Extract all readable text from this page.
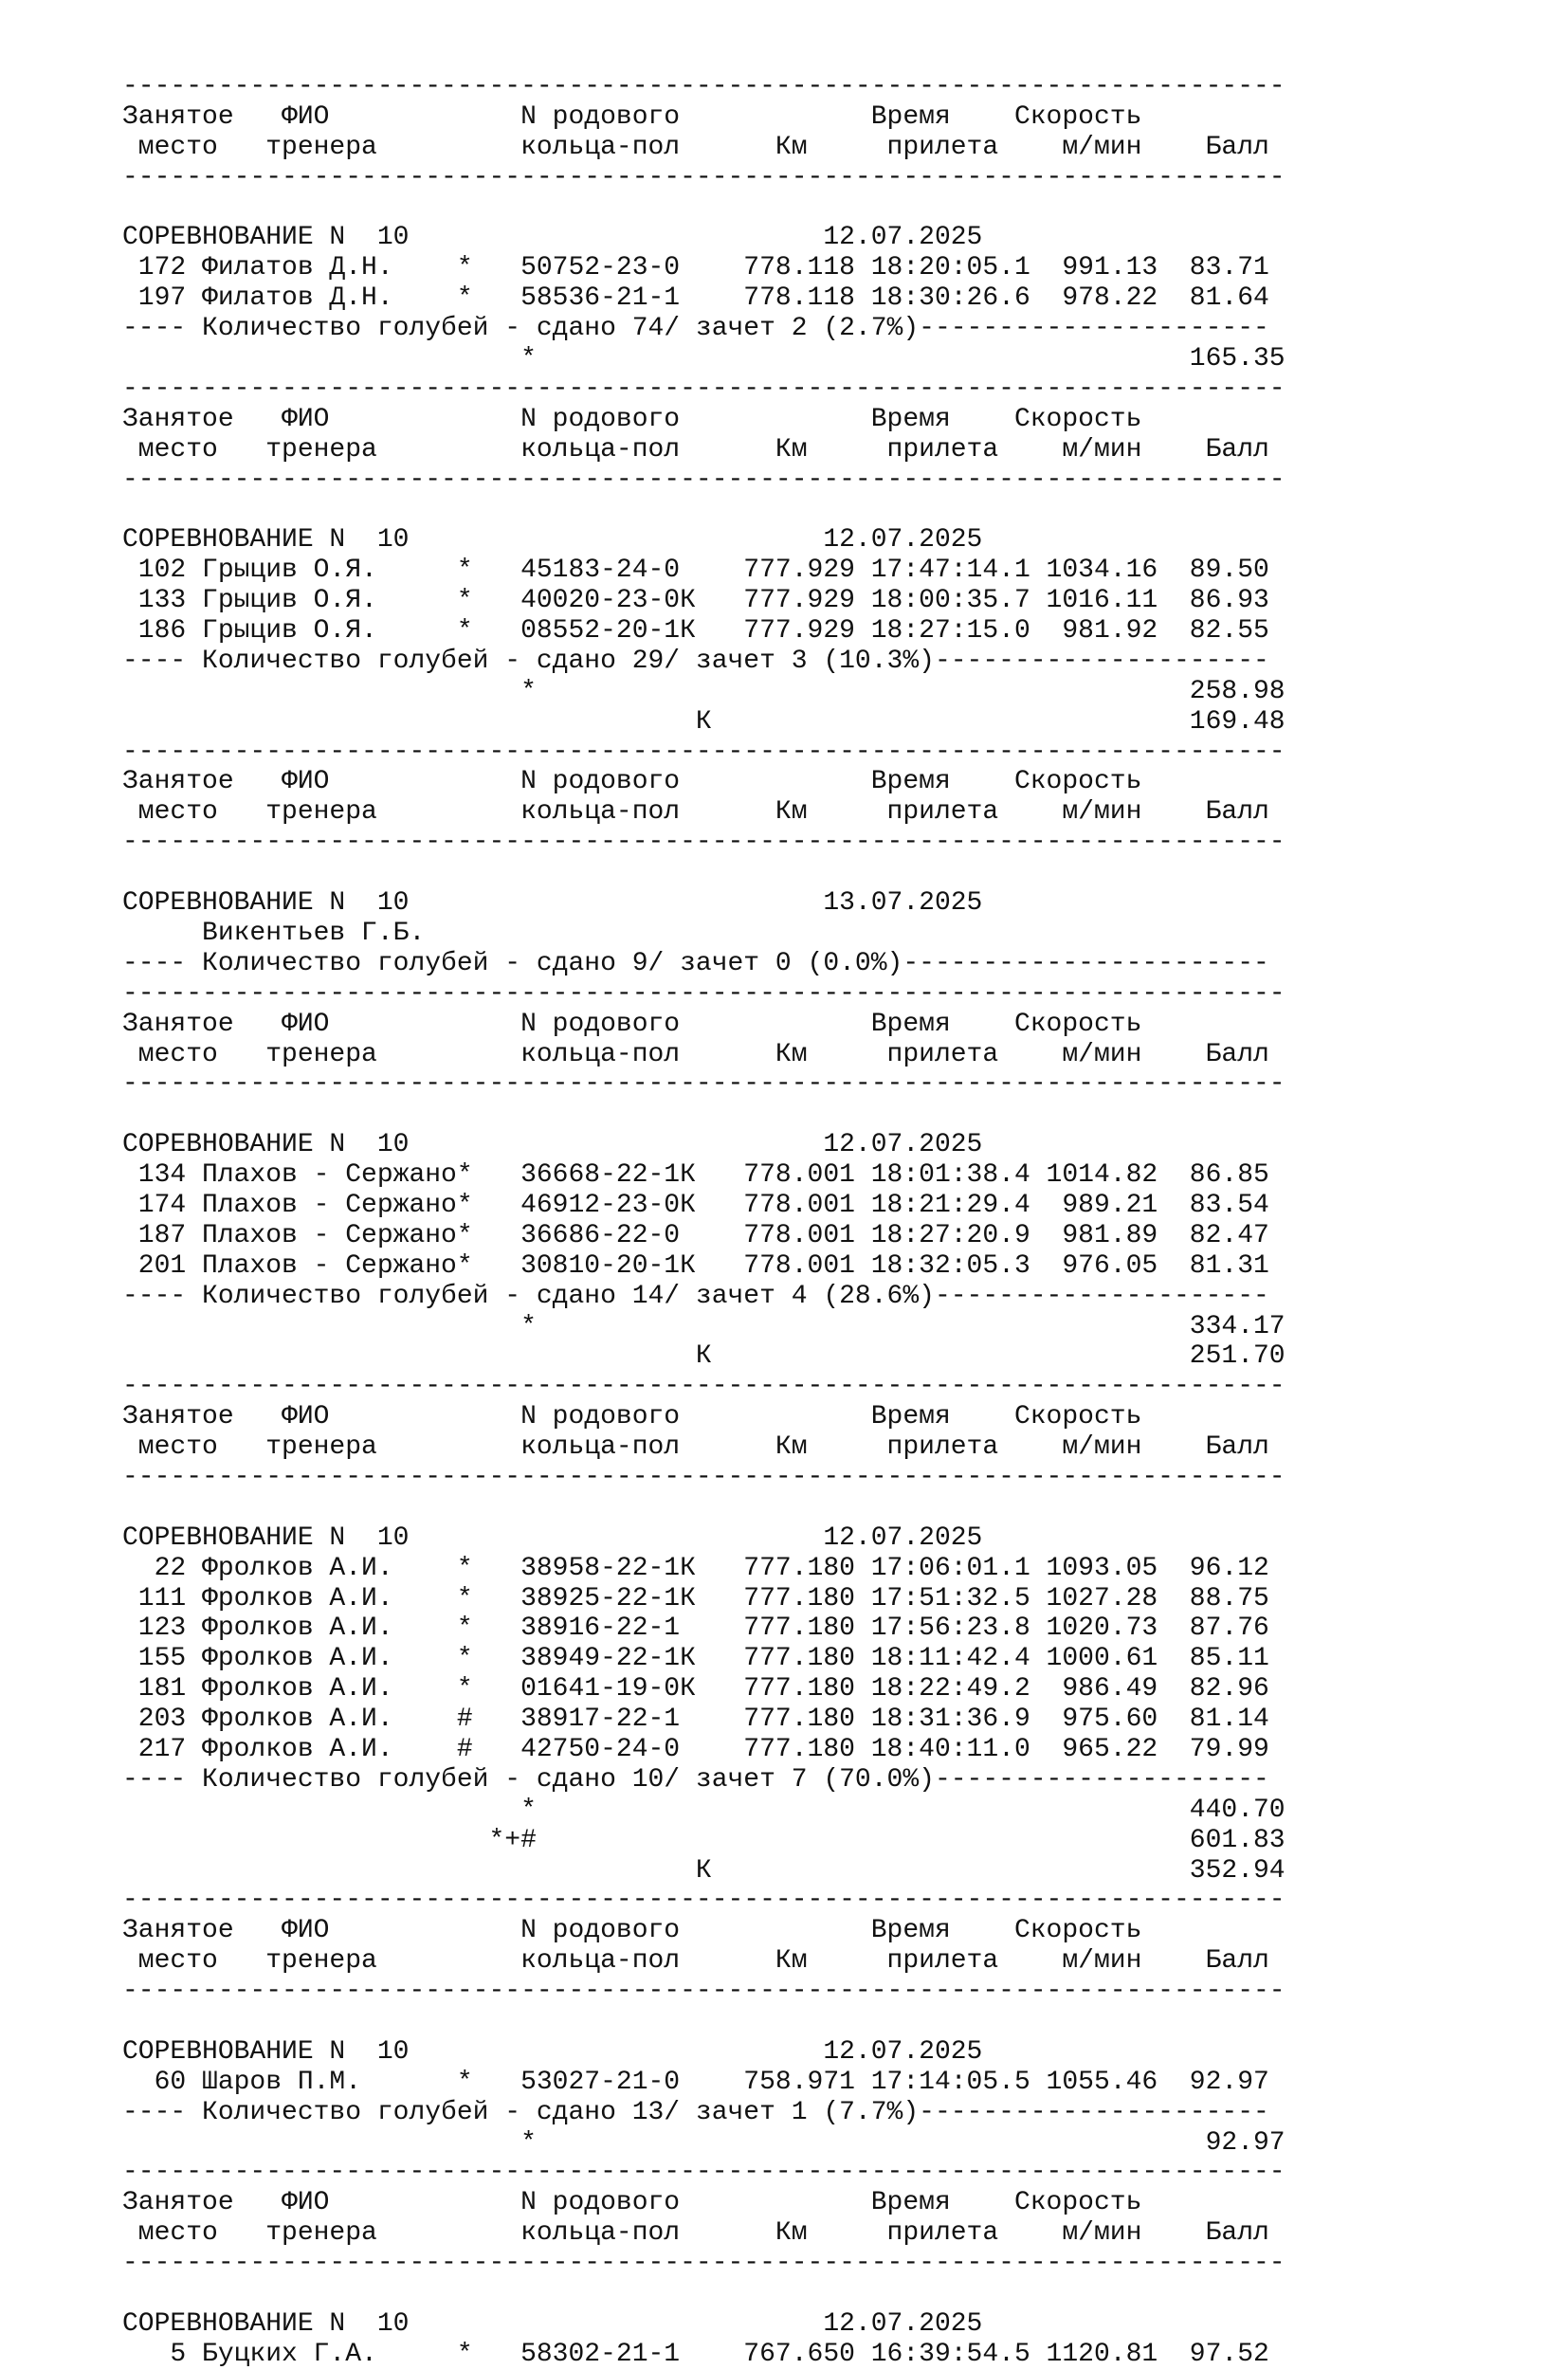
-------------------------------------------------------------------------
Занятое   ФИО            N родового            Время    Скорость
место   тренера         кольца-пол      Км     прилета    м/мин    Балл
-------------------------------------------------------------------------
СОРЕВНОВАНИЕ N  10                          12.07.2025
172 Филатов Д.Н.    *   50752-23-0    778.118 18:20:05.1  991.13  83.71
197 Филатов Д.Н.    *   58536-21-1    778.118 18:30:26.6  978.22  81.64
---- Количество голубей - сдано 74/ зачет 2 (2.7%)----------------------
*                                         165.35
-------------------------------------------------------------------------
Занятое   ФИО            N родового            Время    Скорость
место   тренера         кольца-пол      Км     прилета    м/мин    Балл
-------------------------------------------------------------------------
СОРЕВНОВАНИЕ N  10                          12.07.2025
102 Грыцив О.Я.     *   45183-24-0    777.929 17:47:14.1 1034.16  89.50
133 Грыцив О.Я.     *   40020-23-0К   777.929 18:00:35.7 1016.11  86.93
186 Грыцив О.Я.     *   08552-20-1К   777.929 18:27:15.0  981.92  82.55
---- Количество голубей - сдано 29/ зачет 3 (10.3%)---------------------
*                                         258.98
К                              169.48
-------------------------------------------------------------------------
Занятое   ФИО            N родового            Время    Скорость
место   тренера         кольца-пол      Км     прилета    м/мин    Балл
-------------------------------------------------------------------------
СОРЕВНОВАНИЕ N  10                          13.07.2025
Викентьев Г.Б.
---- Количество голубей - сдано 9/ зачет 0 (0.0%)-----------------------
-------------------------------------------------------------------------
Занятое   ФИО            N родового            Время    Скорость
место   тренера         кольца-пол      Км     прилета    м/мин    Балл
-------------------------------------------------------------------------
СОРЕВНОВАНИЕ N  10                          12.07.2025
134 Плахов - Сержано*   36668-22-1К   778.001 18:01:38.4 1014.82  86.85
174 Плахов - Сержано*   46912-23-0К   778.001 18:21:29.4  989.21  83.54
187 Плахов - Сержано*   36686-22-0    778.001 18:27:20.9  981.89  82.47
201 Плахов - Сержано*   30810-20-1К   778.001 18:32:05.3  976.05  81.31
---- Количество голубей - сдано 14/ зачет 4 (28.6%)---------------------
*                                         334.17
К                              251.70
-------------------------------------------------------------------------
Занятое   ФИО            N родового            Время    Скорость
место   тренера         кольца-пол      Км     прилета    м/мин    Балл
-------------------------------------------------------------------------
СОРЕВНОВАНИЕ N  10                          12.07.2025
22 Фролков А.И.    *   38958-22-1К   777.180 17:06:01.1 1093.05  96.12
111 Фролков А.И.    *   38925-22-1К   777.180 17:51:32.5 1027.28  88.75
123 Фролков А.И.    *   38916-22-1    777.180 17:56:23.8 1020.73  87.76
155 Фролков А.И.    *   38949-22-1К   777.180 18:11:42.4 1000.61  85.11
181 Фролков А.И.    *   01641-19-0К   777.180 18:22:49.2  986.49  82.96
203 Фролков А.И.    #   38917-22-1    777.180 18:31:36.9  975.60  81.14
217 Фролков А.И.    #   42750-24-0    777.180 18:40:11.0  965.22  79.99
---- Количество голубей - сдано 10/ зачет 7 (70.0%)---------------------
*                                         440.70
*+#                                         601.83
К                              352.94
-------------------------------------------------------------------------
Занятое   ФИО            N родового            Время    Скорость
место   тренера         кольца-пол      Км     прилета    м/мин    Балл
-------------------------------------------------------------------------
СОРЕВНОВАНИЕ N  10                          12.07.2025
60 Шаров П.М.      *   53027-21-0    758.971 17:14:05.5 1055.46  92.97
---- Количество голубей - сдано 13/ зачет 1 (7.7%)----------------------
*                                          92.97
-------------------------------------------------------------------------
Занятое   ФИО            N родового            Время    Скорость
место   тренера         кольца-пол      Км     прилета    м/мин    Балл
-------------------------------------------------------------------------
СОРЕВНОВАНИЕ N  10                          12.07.2025
5 Буцких Г.А.     *   58302-21-1    767.650 16:39:54.5 1120.81  97.52
